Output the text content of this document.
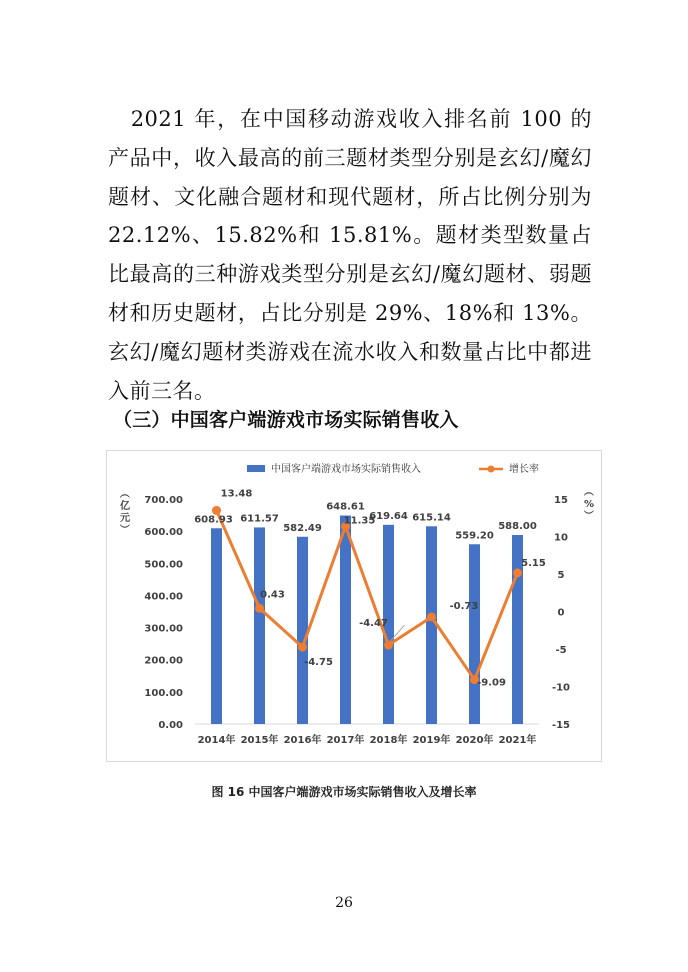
　2021 年，在中国移动游戏收入排名前 100 的产品中，收入最高的前三题材类型分别是玄幻/魔幻题材、文化融合题材和现代题材，所占比例分别为 22.12%、15.82%和 15.81%。题材类型数量占比最高的三种游戏类型分别是玄幻/魔幻题材、弱题材和历史题材，占比分别是 29%、18%和 13%。玄幻/魔幻题材类游戏在流水收入和数量占比中都进入前三名。

（三）中国客户端游戏市场实际销售收入
中国客户端游戏市场实际销售收入	增长率
0.00
100.00
200.00
300.00
400.00
500.00
600.00
700.00
-15
-10
-5
0
5
10
15
（
亿
元
）
（
%
）
2014年 2015年 2016年 2017年 2018年 2019年 2020年 2021年
608.93 611.57
582.49
648.61
619.64 615.14
559.20
588.00
13.48
0.43
-4.75
11.35
-4.47
-0.73
-9.09
5.15
图 16 中国客户端游戏市场实际销售收入及增长率
26
